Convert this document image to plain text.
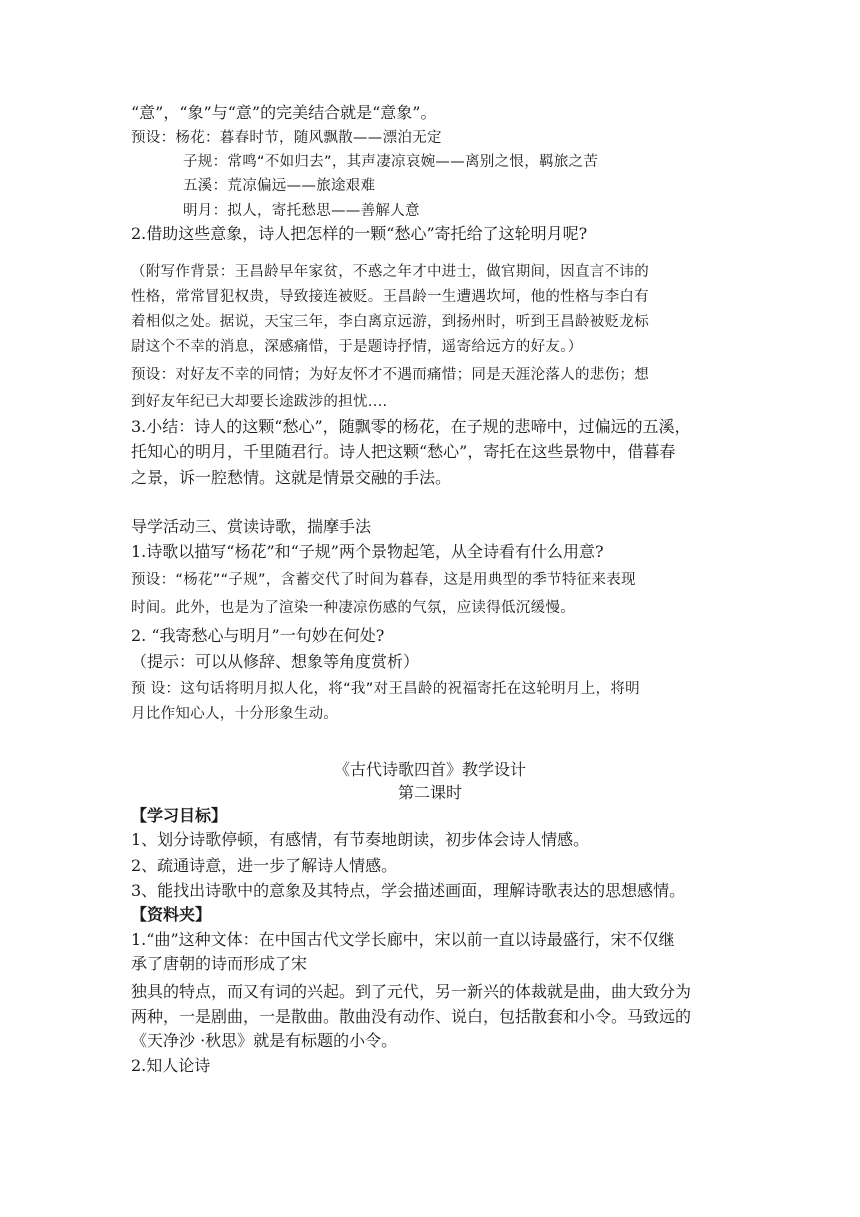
“意”，“象”与“意”的完美结合就是“意象”。
预设：杨花：暮春时节，随风飘散——漂泊无定
子规：常鸣“不如归去”，其声凄凉哀婉——离别之恨，羁旅之苦
五溪：荒凉偏远——旅途艰难
明月：拟人，寄托愁思——善解人意
2.借助这些意象，诗人把怎样的一颗“愁心”寄托给了这轮明月呢?
（附写作背景：王昌龄早年家贫，不惑之年才中进士，做官期间，因直言不讳的
性格，常常冒犯权贵，导致接连被贬。王昌龄一生遭遇坎坷，他的性格与李白有
着相似之处。据说，天宝三年，李白离京远游，到扬州时，听到王昌龄被贬龙标
尉这个不幸的消息，深感痛惜，于是题诗抒情，遥寄给远方的好友。）
预设：对好友不幸的同情；为好友怀才不遇而痛惜；同是天涯沦落人的悲伤；想
到好友年纪已大却要长途跋涉的担忧....
3.小结：诗人的这颗“愁心”，随飘零的杨花，在子规的悲啼中，过偏远的五溪，
托知心的明月，千里随君行。诗人把这颗“愁心”，寄托在这些景物中，借暮春
之景，诉一腔愁情。这就是情景交融的手法。
导学活动三、赏读诗歌，揣摩手法
1.诗歌以描写“杨花”和“子规”两个景物起笔，从全诗看有什么用意?
预设：“杨花”“子规”，含蓄交代了时间为暮春，这是用典型的季节特征来表现
时间。此外，也是为了渲染一种凄凉伤感的气氛，应读得低沉缓慢。
2. “我寄愁心与明月”一句妙在何处?
（提示：可以从修辞、想象等角度赏析）
预 设：这句话将明月拟人化，将“我”对王昌龄的祝福寄托在这轮明月上，将明
月比作知心人，十分形象生动。
《古代诗歌四首》教学设计
第二课时
【学习目标】
1、划分诗歌停顿，有感情，有节奏地朗读，初步体会诗人情感。
2、疏通诗意，进一步了解诗人情感。
3、能找出诗歌中的意象及其特点，学会描述画面，理解诗歌表达的思想感情。
【资料夹】
1.“曲”这种文体：在中国古代文学长廊中，宋以前一直以诗最盛行，宋不仅继
承了唐朝的诗而形成了宋
独具的特点，而又有词的兴起。到了元代，另一新兴的体裁就是曲，曲大致分为
两种，一是剧曲，一是散曲。散曲没有动作、说白，包括散套和小令。马致远的
《天净沙 ·秋思》就是有标题的小令。
2.知人论诗
